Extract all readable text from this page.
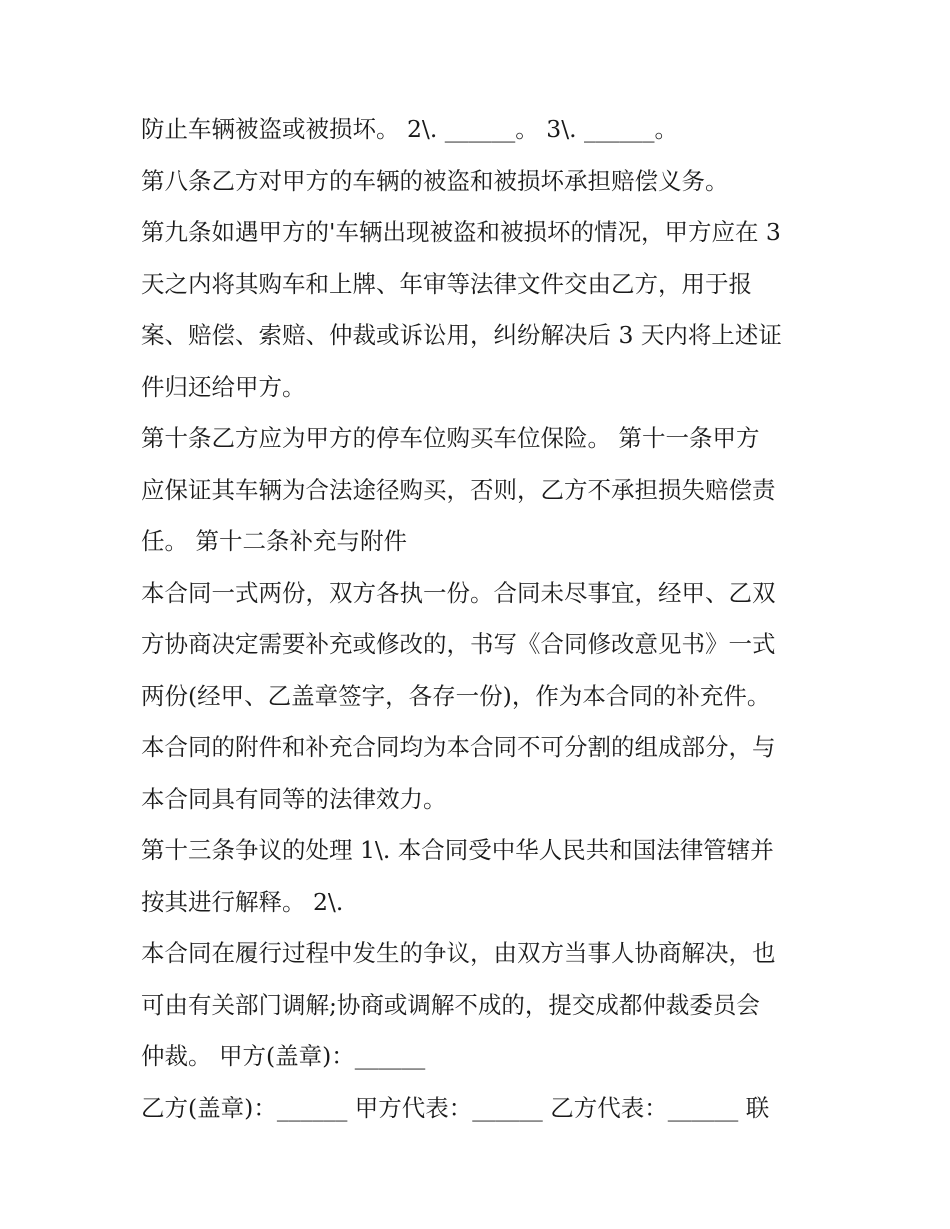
防止车辆被盗或被损坏。 2\. ______。 3\. ______。
第八条乙方对甲方的车辆的被盗和被损坏承担赔偿义务。
第九条如遇甲方的'车辆出现被盗和被损坏的情况，甲方应在 3
天之内将其购车和上牌、年审等法律文件交由乙方，用于报
案、赔偿、索赔、仲裁或诉讼用，纠纷解决后 3 天内将上述证
件归还给甲方。
第十条乙方应为甲方的停车位购买车位保险。 第十一条甲方
应保证其车辆为合法途径购买，否则，乙方不承担损失赔偿责
任。 第十二条补充与附件
本合同一式两份，双方各执一份。合同未尽事宜，经甲、乙双
方协商决定需要补充或修改的，书写《合同修改意见书》一式
两份(经甲、乙盖章签字，各存一份)，作为本合同的补充件。
本合同的附件和补充合同均为本合同不可分割的组成部分，与
本合同具有同等的法律效力。
第十三条争议的处理 1\. 本合同受中华人民共和国法律管辖并
按其进行解释。 2\.
本合同在履行过程中发生的争议，由双方当事人协商解决，也
可由有关部门调解;协商或调解不成的，提交成都仲裁委员会
仲裁。 甲方(盖章)：______
乙方(盖章)：______ 甲方代表：______ 乙方代表：______ 联
